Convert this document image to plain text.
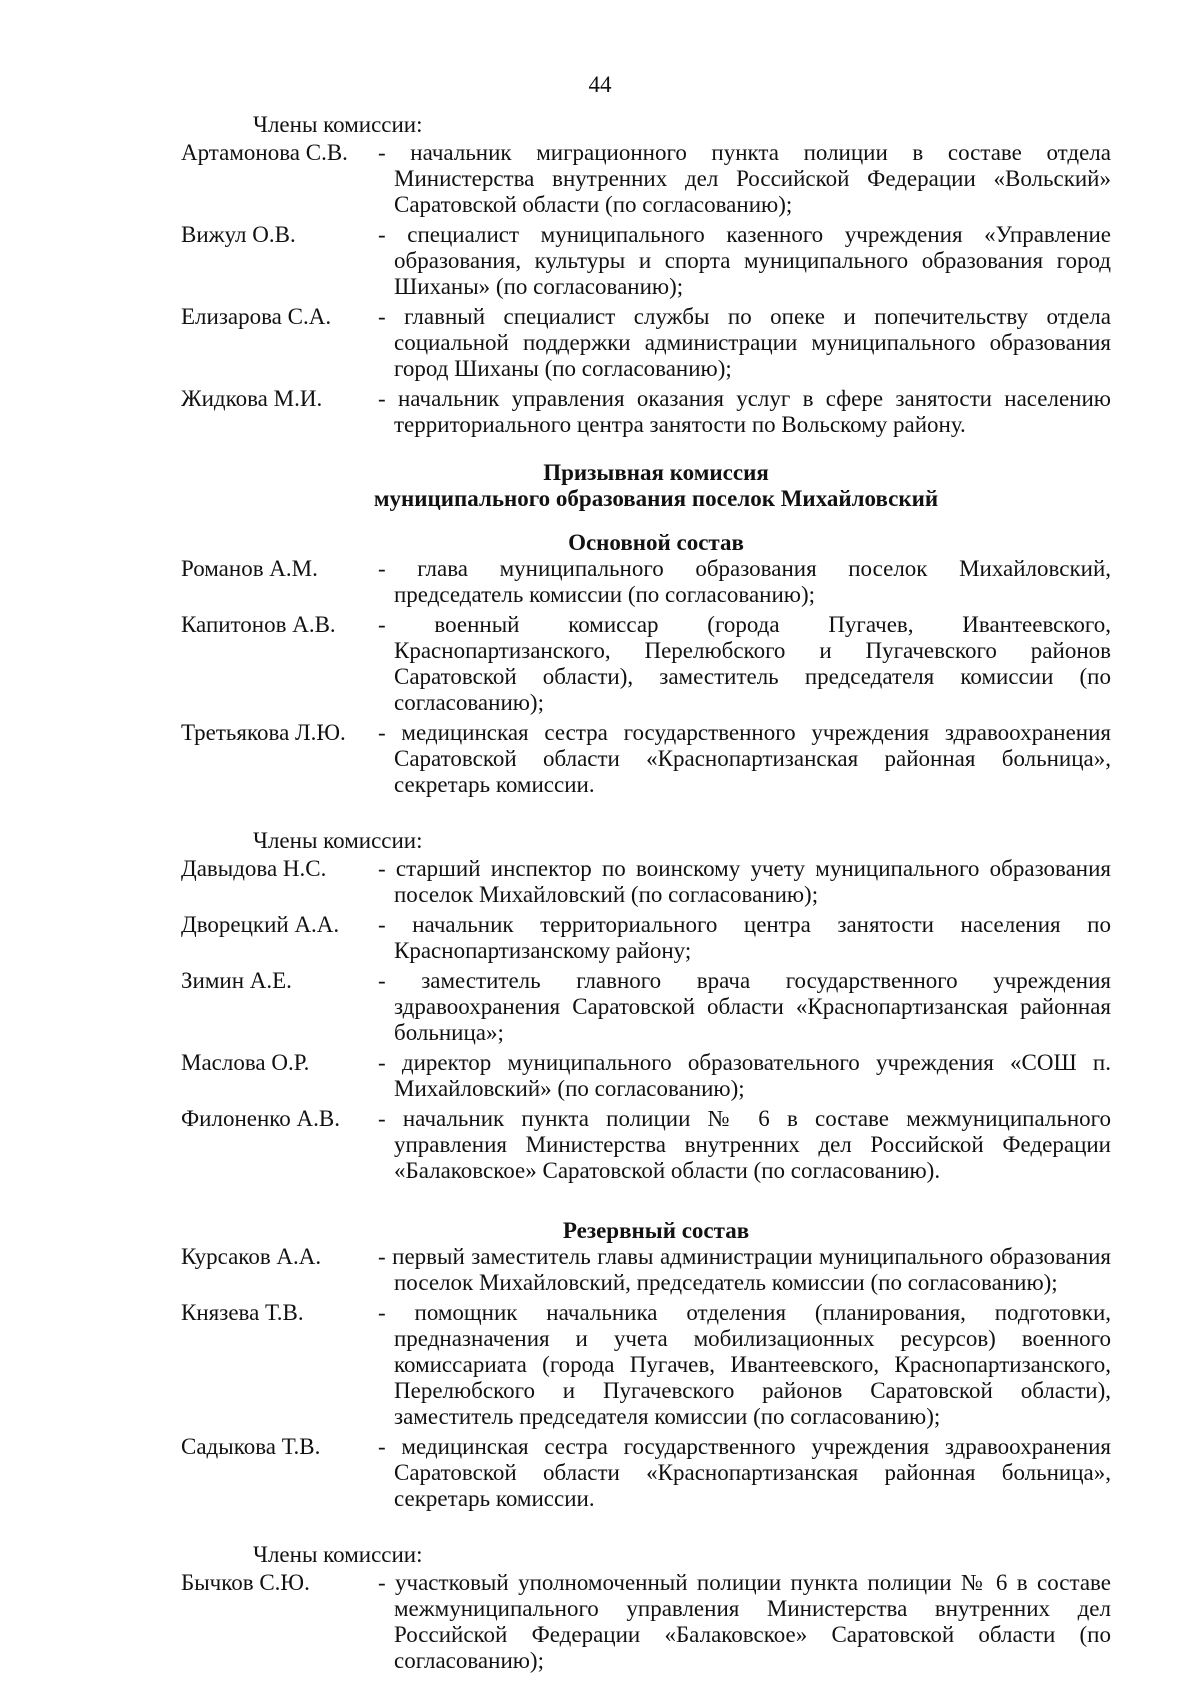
44
Члены комиссии:
Артамонова С.В.	- начальник миграционного пункта полиции в составе отдела Министерства внутренних дел Российской Федерации «Вольский» Саратовской области (по согласованию);
Вижул О.В.	- специалист муниципального казенного учреждения «Управление образования, культуры и спорта муниципального образования город Шиханы» (по согласованию);
Елизарова С.А.	- главный специалист службы по опеке и попечительству отдела социальной поддержки администрации муниципального образования город Шиханы (по согласованию);
Жидкова М.И.	- начальник управления оказания услуг в сфере занятости населению территориального центра занятости по Вольскому району.
Призывная комиссия
муниципального образования поселок Михайловский
Основной состав
Романов А.М.	- глава муниципального образования поселок Михайловский, председатель комиссии (по согласованию);
Капитонов А.В.	- военный комиссар (города Пугачев, Ивантеевского, Краснопартизанского, Перелюбского и Пугачевского районов Саратовской области), заместитель председателя комиссии (по согласованию);
Третьякова Л.Ю.	- медицинская сестра государственного учреждения здравоохранения Саратовской области «Краснопартизанская районная больница», секретарь комиссии.
Члены комиссии:
Давыдова Н.С.	- старший инспектор по воинскому учету муниципального образования поселок Михайловский (по согласованию);
Дворецкий А.А.	- начальник территориального центра занятости населения по Краснопартизанскому району;
Зимин А.Е.	- заместитель главного врача государственного учреждения здравоохранения Саратовской области «Краснопартизанская районная больница»;
Маслова О.Р.	- директор муниципального образовательного учреждения «СОШ п. Михайловский» (по согласованию);
Филоненко А.В.	- начальник пункта полиции № 6 в составе межмуниципального управления Министерства внутренних дел Российской Федерации «Балаковское» Саратовской области (по согласованию).
Резервный состав
Курсаков А.А.	- первый заместитель главы администрации муниципального образования поселок Михайловский, председатель комиссии (по согласованию);
Князева Т.В.	- помощник начальника отделения (планирования, подготовки, предназначения и учета мобилизационных ресурсов) военного комиссариата (города Пугачев, Ивантеевского, Краснопартизанского, Перелюбского и Пугачевского районов Саратовской области), заместитель председателя комиссии (по согласованию);
Садыкова Т.В.	- медицинская сестра государственного учреждения здравоохранения Саратовской области «Краснопартизанская районная больница», секретарь комиссии.
Члены комиссии:
Бычков С.Ю.	- участковый уполномоченный полиции пункта полиции № 6 в составе межмуниципального управления Министерства внутренних дел Российской Федерации «Балаковское» Саратовской области (по согласованию);
